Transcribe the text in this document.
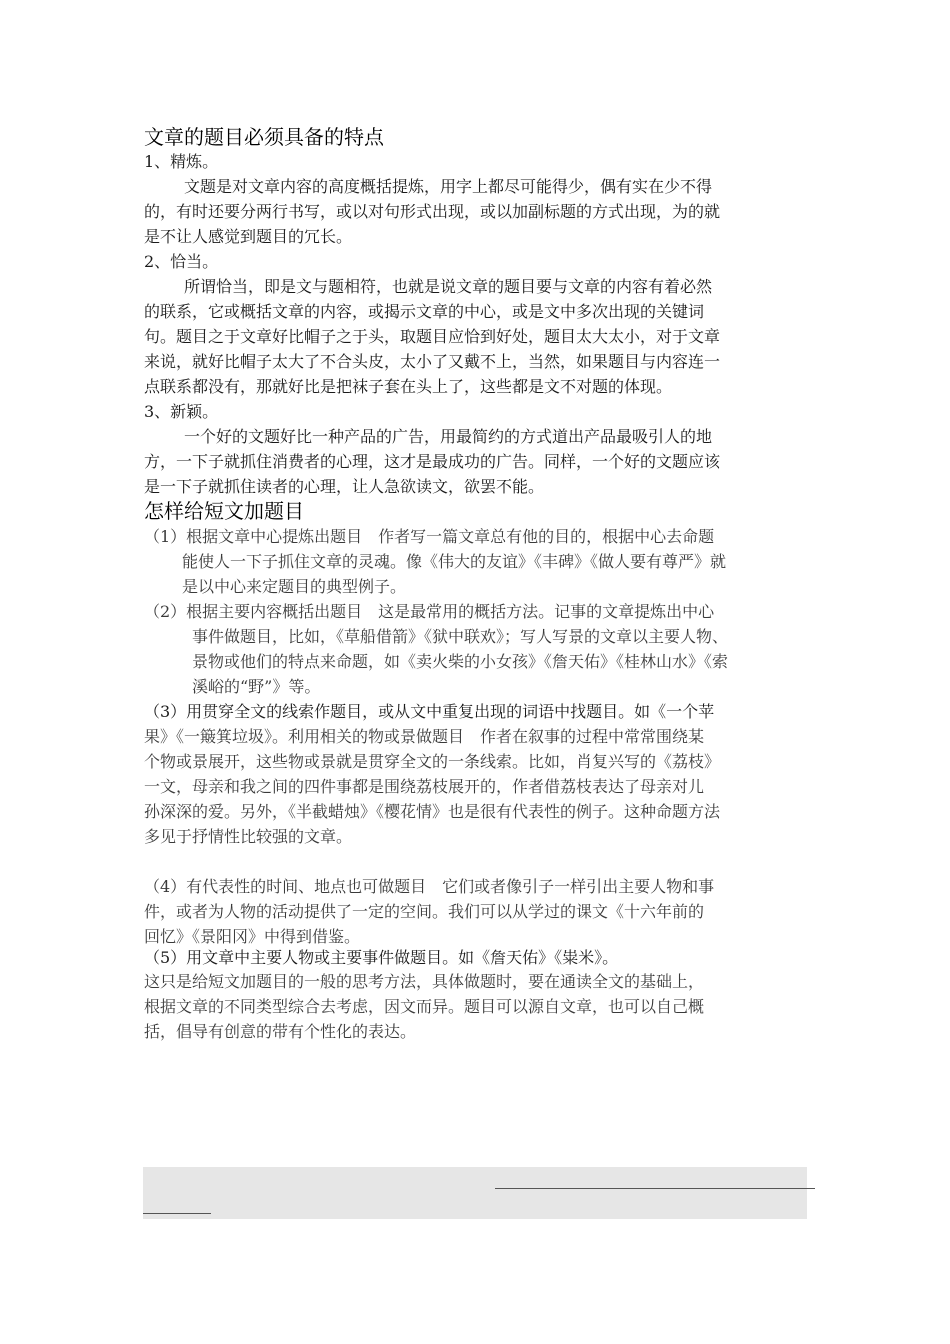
文章的题目必须具备的特点
1、精炼。
文题是对文章内容的高度概括提炼，用字上都尽可能得少，偶有实在少不得
的，有时还要分两行书写，或以对句形式出现，或以加副标题的方式出现，为的就
是不让人感觉到题目的冗长。
2、恰当。
所谓恰当，即是文与题相符，也就是说文章的题目要与文章的内容有着必然
的联系，它或概括文章的内容，或揭示文章的中心，或是文中多次出现的关键词
句。题目之于文章好比帽子之于头，取题目应恰到好处，题目太大太小，对于文章
来说，就好比帽子太大了不合头皮，太小了又戴不上，当然，如果题目与内容连一
点联系都没有，那就好比是把袜子套在头上了，这些都是文不对题的体现。
3、新颖。
一个好的文题好比一种产品的广告，用最简约的方式道出产品最吸引人的地
方，一下子就抓住消费者的心理，这才是最成功的广告。同样，一个好的文题应该
是一下子就抓住读者的心理，让人急欲读文，欲罢不能。
怎样给短文加题目
（1）根据文章中心提炼出题目　作者写一篇文章总有他的目的，根据中心去命题
能使人一下子抓住文章的灵魂。像《伟大的友谊》《丰碑》《做人要有尊严》就
是以中心来定题目的典型例子。
（2）根据主要内容概括出题目　这是最常用的概括方法。记事的文章提炼出中心
事件做题目，比如，《草船借箭》《狱中联欢》；写人写景的文章以主要人物、
景物或他们的特点来命题，如《卖火柴的小女孩》《詹天佑》《桂林山水》《索
溪峪的“野”》等。
（3）用贯穿全文的线索作题目，或从文中重复出现的词语中找题目。如《一个苹
果》《一簸箕垃圾》。利用相关的物或景做题目　作者在叙事的过程中常常围绕某
个物或景展开，这些物或景就是贯穿全文的一条线索。比如，肖复兴写的《荔枝》
一文，母亲和我之间的四件事都是围绕荔枝展开的，作者借荔枝表达了母亲对儿
孙深深的爱。另外，《半截蜡烛》《樱花情》也是很有代表性的例子。这种命题方法
多见于抒情性比较强的文章。
（4）有代表性的时间、地点也可做题目　它们或者像引子一样引出主要人物和事
件，或者为人物的活动提供了一定的空间。我们可以从学过的课文《十六年前的
回忆》《景阳冈》中得到借鉴。
（5）用文章中主要人物或主要事件做题目。如《詹天佑》《粜米》。
这只是给短文加题目的一般的思考方法，具体做题时，要在通读全文的基础上，
根据文章的不同类型综合去考虑，因文而异。题目可以源自文章，也可以自己概
括，倡导有创意的带有个性化的表达。
